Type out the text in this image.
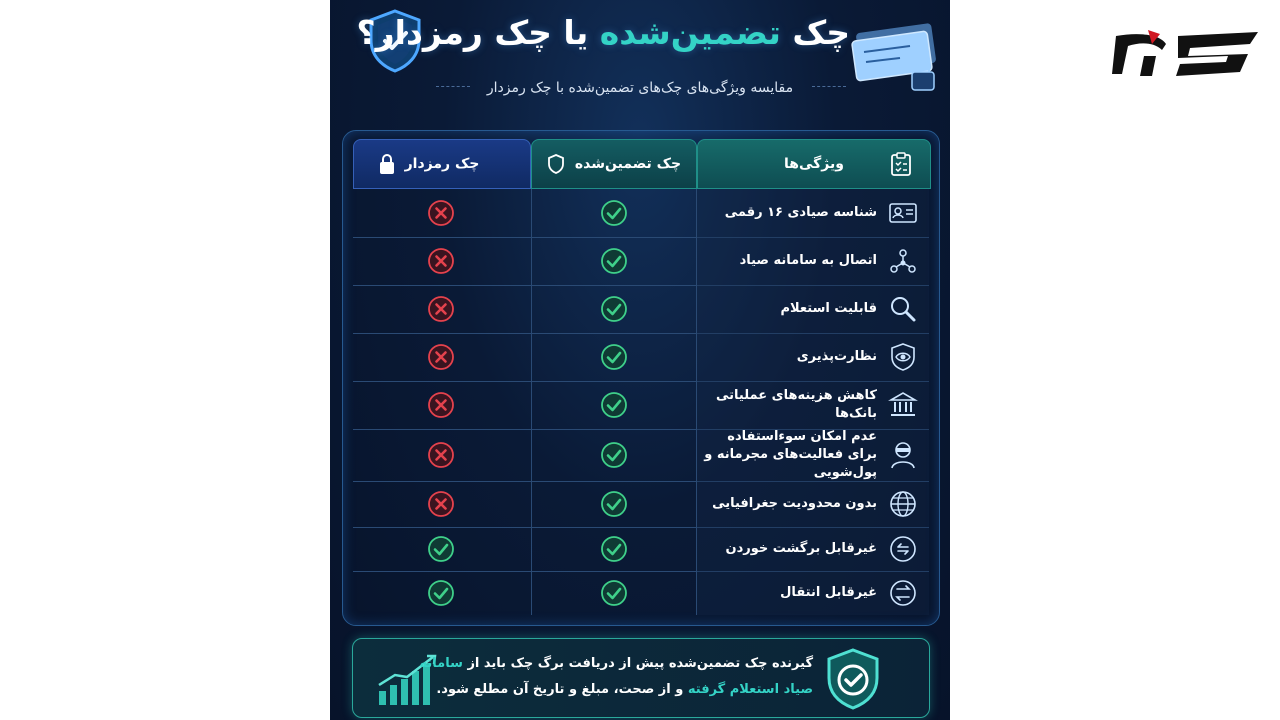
چک تضمین‌شده یا چک رمزدار؟
مقایسه ویژگی‌های چک‌های تضمین‌شده با چک رمزدار
ویژگی‌ها
چک تضمین‌شده
چک رمزدار
شناسه صیادی ۱۶ رقمی
اتصال به سامانه صیاد
قابلیت استعلام
نظارت‌پذیری
کاهش هزینه‌های عملیاتی بانک‌ها
عدم امکان سوءاستفاده برای فعالیت‌های مجرمانه و پول‌شویی
بدون محدودیت جغرافیایی
غیرقابل برگشت خوردن
غیرقابل انتقال
گیرنده چک تضمین‌شده پیش از دریافت برگ چک باید از سامانه صیاد استعلام گرفته و از صحت، مبلغ و تاریخ آن مطلع شود.
